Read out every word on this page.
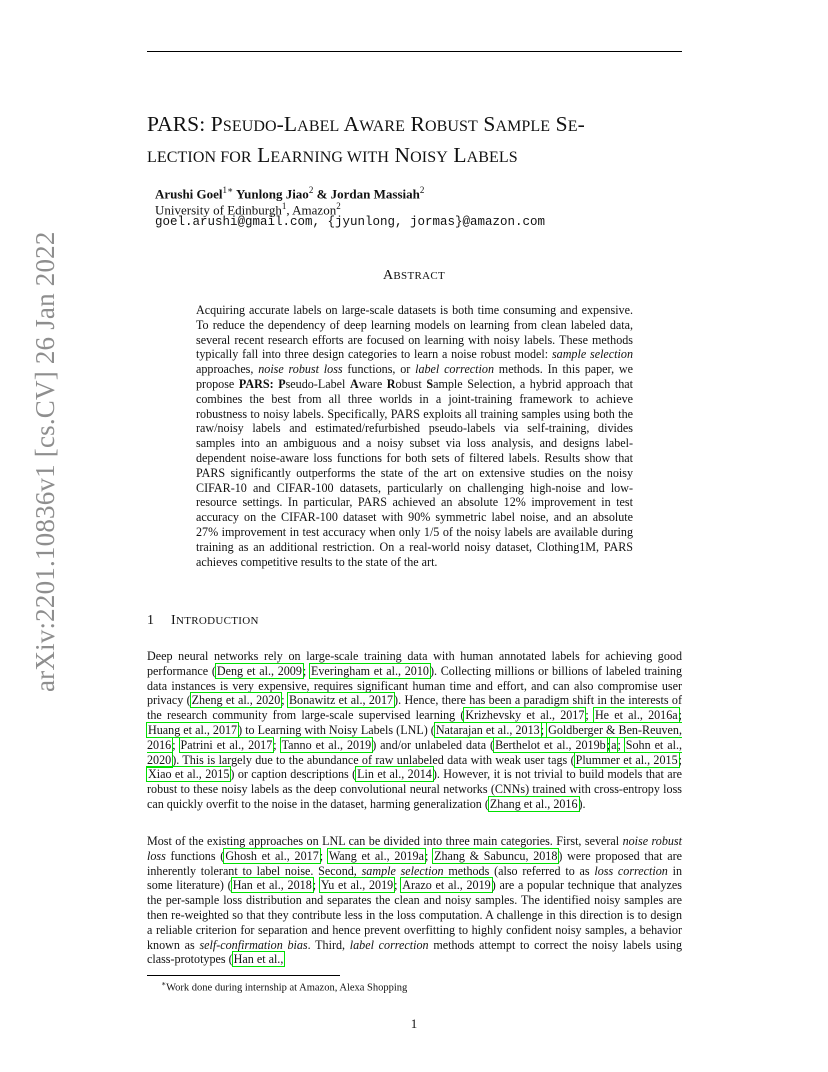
arXiv:2201.10836v1 [cs.CV] 26 Jan 2022
PARS: PSEUDO-LABEL AWARE ROBUST SAMPLE SE-
LECTION FOR LEARNING WITH NOISY LABELS
Arushi Goel$^{1∗}$ Yunlong Jiao$^2$ & Jordan Massiah$^2$
University of Edinburgh$^1$, Amazon$^2$
goel.arushi@gmail.com, {jyunlong, jormas}@amazon.com
ABSTRACT
Acquiring accurate labels on large-scale datasets is both time consuming and expensive. To reduce the dependency of deep learning models on learning from clean labeled data, several recent research efforts are focused on learning with noisy labels. These methods typically fall into three design categories to learn a noise robust model: sample selection approaches, noise robust loss functions, or label correction methods. In this paper, we propose PARS: Pseudo-Label Aware Robust Sample Selection, a hybrid approach that combines the best from all three worlds in a joint-training framework to achieve robustness to noisy labels. Specifically, PARS exploits all training samples using both the raw/noisy labels and estimated/refurbished pseudo-labels via self-training, divides samples into an ambiguous and a noisy subset via loss analysis, and designs label-dependent noise-aware loss functions for both sets of filtered labels. Results show that PARS significantly outperforms the state of the art on extensive studies on the noisy CIFAR-10 and CIFAR-100 datasets, particularly on challenging high-noise and low-resource settings. In particular, PARS achieved an absolute 12% improvement in test accuracy on the CIFAR-100 dataset with 90% symmetric label noise, and an absolute 27% improvement in test accuracy when only 1/5 of the noisy labels are available during training as an additional restriction. On a real-world noisy dataset, Clothing1M, PARS achieves competitive results to the state of the art.
1 INTRODUCTION
Deep neural networks rely on large-scale training data with human annotated labels for achieving good performance (Deng et al., 2009; Everingham et al., 2010). Collecting millions or billions of labeled training data instances is very expensive, requires significant human time and effort, and can also compromise user privacy (Zheng et al., 2020; Bonawitz et al., 2017). Hence, there has been a paradigm shift in the interests of the research community from large-scale supervised learning (Krizhevsky et al., 2017; He et al., 2016a; Huang et al., 2017) to Learning with Noisy Labels (LNL) (Natarajan et al., 2013; Goldberger & Ben-Reuven, 2016; Patrini et al., 2017; Tanno et al., 2019) and/or unlabeled data (Berthelot et al., 2019b;a; Sohn et al., 2020). This is largely due to the abundance of raw unlabeled data with weak user tags (Plummer et al., 2015; Xiao et al., 2015) or caption descriptions (Lin et al., 2014). However, it is not trivial to build models that are robust to these noisy labels as the deep convolutional neural networks (CNNs) trained with cross-entropy loss can quickly overfit to the noise in the dataset, harming generalization (Zhang et al., 2016).
Most of the existing approaches on LNL can be divided into three main categories. First, several noise robust loss functions (Ghosh et al., 2017; Wang et al., 2019a; Zhang & Sabuncu, 2018) were proposed that are inherently tolerant to label noise. Second, sample selection methods (also referred to as loss correction in some literature) (Han et al., 2018; Yu et al., 2019; Arazo et al., 2019) are a popular technique that analyzes the per-sample loss distribution and separates the clean and noisy samples. The identified noisy samples are then re-weighted so that they contribute less in the loss computation. A challenge in this direction is to design a reliable criterion for separation and hence prevent overfitting to highly confident noisy samples, a behavior known as self-confirmation bias. Third, label correction methods attempt to correct the noisy labels using class-prototypes (Han et al.,
∗Work done during internship at Amazon, Alexa Shopping
1
